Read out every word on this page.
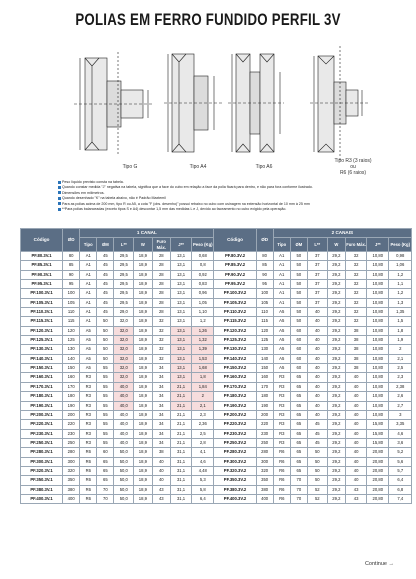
POLIAS EM FERRO FUNDIDO PERFIL 3V
Tipo G	Tipo A4	Tipo A6
Tipo R3 (3 raios)
ou
R6 (6 raios)
Peso líquido previsto consta na tabela.
Quando constar medida "J" negativa na tabela, significa que a face do cubo em relação a face da polia ficará para dentro, e não para fora conforme ilustrado.
Dimensões em milímetros.
Quando desenhado "K" na tabela abaixo, não é Padrão Maxtemil
Para as polias acima de 200 mm, tipo R ou A5, a cota "F (obs. desenho)" possui rebaixo no cubo com usinagem na extensão horizontal de 10 mm à 25 mm
**Para polias balanceadas (exceto tipos S e A4) descontar 1,5 mm das medidas L e J, devido ao faceamento no cubo exigido pela operação.
Código	ØD	1 CANAL							Código	ØD	2 CANAIS						
		Tipo	ØM	L**	W	Furo Máx.	J**	Peso (Kg)			Tipo	ØM	L**	W	Furo Máx.	J**	Peso (Kg)
PF.80.3V.1	80	A1	45	29,5	18,9	28	13,1	0,68	PF.80.3V.2	80	A1	50	37	29,2	32	10,80	0,98
PF.85.3V.1	85	A1	45	29,5	18,9	28	13,1	0,8	PF.85.3V.2	85	A1	50	37	29,2	32	10,80	1,06
PF.90.3V.1	90	A1	45	29,5	18,9	28	13,1	0,92	PF.90.3V.2	90	A1	50	37	29,2	32	10,80	1,2
PF.95.3V.1	95	A1	45	29,5	18,9	28	13,1	0,83	PF.95.3V.2	95	A1	50	37	29,2	32	10,80	1,1
PF.100.3V.1	100	A1	45	29,5	18,9	28	13,1	0,96	PF.100.3V.2	100	A1	50	37	29,2	32	10,80	1,2
PF.105.3V.1	105	A1	45	29,5	18,9	28	13,1	1,05	PF.105.3V.2	105	A1	50	37	29,2	32	10,80	1,3
PF.110.3V.1	110	A1	45	29,0	18,9	28	13,1	1,10	PF.110.3V.2	110	A5	50	40	29,2	32	10,80	1,35
PF.115.3V.1	115	A1	50	32,0	18,9	32	13,1	1,2	PF.115.3V.2	115	A5	50	40	29,2	32	10,80	1,5
PF.120.3V.1	120	A5	50	32,0	18,9	32	13,1	1,26	PF.120.3V.2	120	A5	60	40	29,2	38	10,80	1,8
PF.125.3V.1	125	A5	50	32,0	18,9	32	13,1	1,32	PF.125.3V.2	125	A5	60	40	29,2	38	10,80	1,9
PF.130.3V.1	130	A5	50	32,0	18,9	32	13,1	1,39	PF.130.3V.2	130	A5	60	40	29,2	38	10,80	2
PF.140.3V.1	140	A5	50	32,0	18,9	32	13,1	1,53	PF.140.3V.2	140	A5	60	40	29,2	38	10,80	2,1
PF.150.3V.1	150	A5	55	32,0	18,9	34	13,1	1,68	PF.150.3V.2	150	A5	60	40	29,2	38	10,80	2,5
PF.160.3V.1	160	R3	55	32,0	18,9	34	13,1	1,8	PF.160.3V.2	160	R3	65	40	29,2	40	10,80	2,3
PF.170.3V.1	170	R3	55	40,0	18,9	34	21,1	1,84	PF.170.3V.2	170	R3	65	40	29,2	40	10,80	2,38
PF.180.3V.1	180	R3	55	40,0	18,9	34	21,1	2	PF.180.3V.2	180	R3	65	40	29,2	40	10,80	2,6
PF.190.3V.1	190	R3	55	40,0	18,9	34	21,1	2,1	PF.190.3V.2	190	R3	65	40	29,2	40	10,80	2,7
PF.200.3V.1	200	R3	55	40,0	18,9	34	21,1	2,3	PF.200.3V.2	200	R3	65	40	29,2	40	10,80	3
PF.220.3V.1	220	R3	55	40,0	18,9	34	21,1	2,36	PF.220.3V.2	220	R3	65	45	29,2	40	15,80	3,35
PF.230.3V.1	230	R3	55	40,0	18,9	34	21,1	2,5	PF.230.3V.2	230	R3	65	45	29,2	40	15,80	4,6
PF.250.3V.1	250	R3	55	40,0	18,9	34	21,1	2,8	PF.250.3V.2	250	R3	65	45	29,2	40	15,80	3,6
PF.280.3V.1	280	R6	60	50,0	18,9	38	31,1	4,1	PF.280.3V.2	280	R6	65	50	29,2	40	20,80	5,2
PF.300.3V.1	300	R6	65	50,0	18,9	40	31,1	4,6	PF.300.3V.2	300	R6	65	50	29,2	40	20,80	5,6
PF.320.3V.1	320	R6	65	50,0	18,9	40	31,1	4,48	PF.320.3V.2	320	R6	65	50	29,2	40	20,80	5,7
PF.350.3V.1	350	R6	65	50,0	18,9	40	31,1	5,3	PF.350.3V.2	350	R6	70	50	29,2	40	20,80	6,4
PF.380.3V.1	380	R6	70	50,0	18,9	43	31,1	5,8	PF.380.3V.2	380	R6	70	52	29,2	43	20,80	6,8
PF.400.3V.1	400	R6	70	50,0	18,9	43	31,1	6,4	PF.400.3V.2	400	R6	70	52	29,2	43	20,80	7,4
Continue →
